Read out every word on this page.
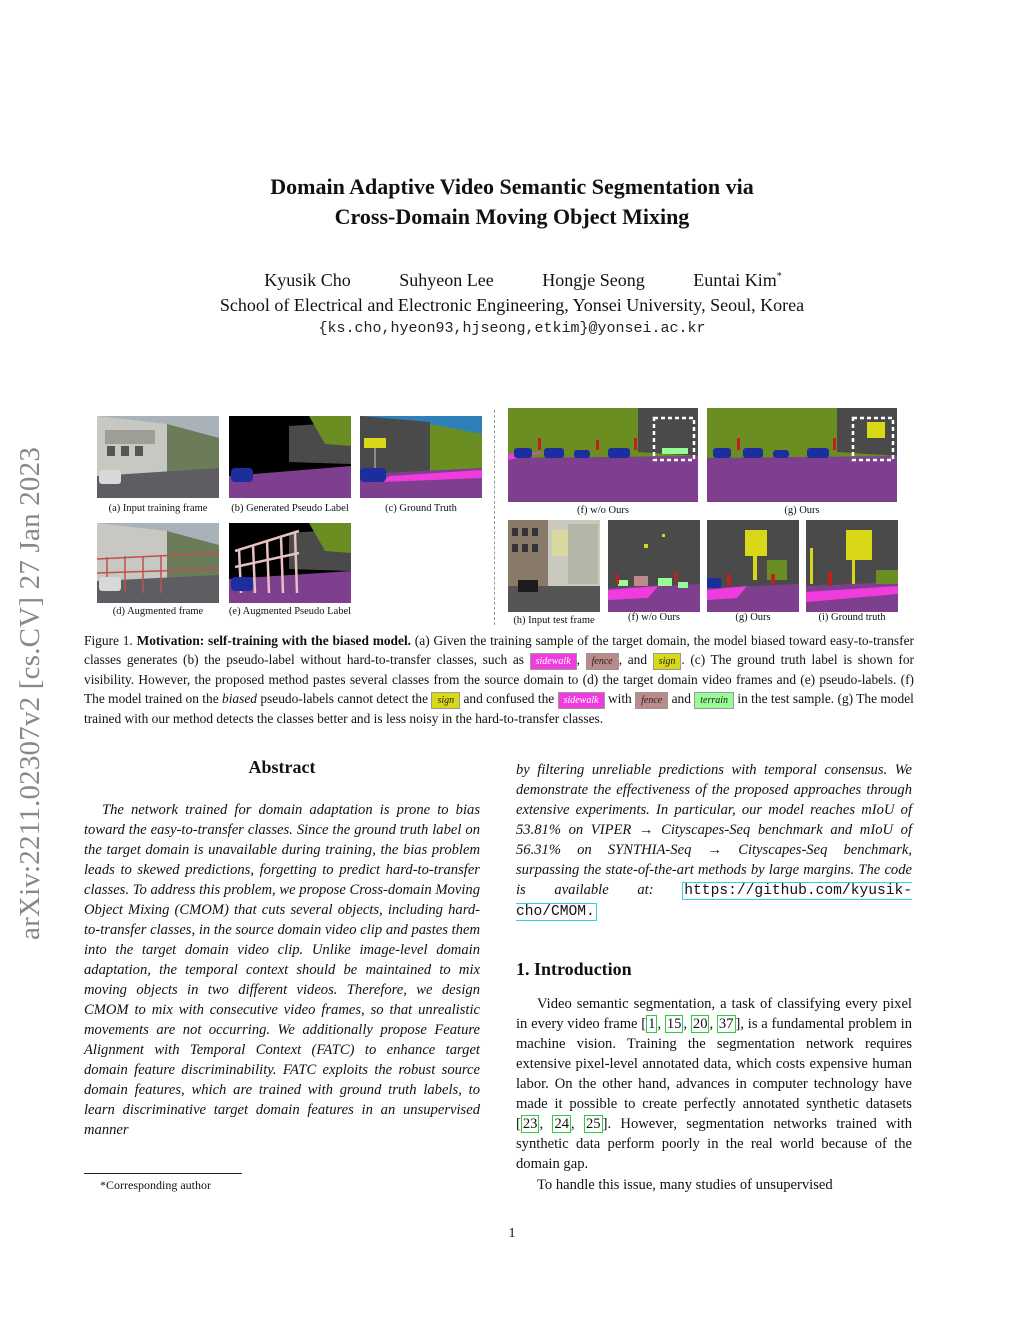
arXiv:2211.02307v2 [cs.CV] 27 Jan 2023
Domain Adaptive Video Semantic Segmentation via
Cross-Domain Moving Object Mixing
Kyusik Cho	Suhyeon Lee	Hongje Seong	Euntai Kim*
School of Electrical and Electronic Engineering, Yonsei University, Seoul, Korea
{ks.cho,hyeon93,hjseong,etkim}@yonsei.ac.kr
(a) Input training frame	(b) Generated Pseudo Label	(c) Ground Truth
(d) Augmented frame	(e) Augmented Pseudo Label
(f) w/o Ours	(g) Ours
(h) Input test frame	(f) w/o Ours	(g) Ours	(i) Ground truth
Figure 1. Motivation: self-training with the biased model. (a) Given the training sample of the target domain, the model biased toward easy-to-transfer classes generates (b) the pseudo-label without hard-to-transfer classes, such as sidewalk , fence , and sign . (c) The ground truth label is shown for visibility. However, the proposed method pastes several classes from the source domain to (d) the target domain video frames and (e) pseudo-labels. (f) The model trained on the biased pseudo-labels cannot detect the sign and confused the sidewalk with fence and terrain in the test sample. (g) The model trained with our method detects the classes better and is less noisy in the hard-to-transfer classes.
Abstract
The network trained for domain adaptation is prone to bias toward the easy-to-transfer classes. Since the ground truth label on the target domain is unavailable during training, the bias problem leads to skewed predictions, forgetting to predict hard-to-transfer classes. To address this problem, we propose Cross-domain Moving Object Mixing (CMOM) that cuts several objects, including hard-to-transfer classes, in the source domain video clip and pastes them into the target domain video clip. Unlike image-level domain adaptation, the temporal context should be maintained to mix moving objects in two different videos. Therefore, we design CMOM to mix with consecutive video frames, so that unrealistic movements are not occurring. We additionally propose Feature Alignment with Temporal Context (FATC) to enhance target domain feature discriminability. FATC exploits the robust source domain features, which are trained with ground truth labels, to learn discriminative target domain features in an unsupervised manner
by filtering unreliable predictions with temporal consensus. We demonstrate the effectiveness of the proposed approaches through extensive experiments. In particular, our model reaches mIoU of 53.81% on VIPER → Cityscapes-Seq benchmark and mIoU of 56.31% on SYNTHIA-Seq → Cityscapes-Seq benchmark, surpassing the state-of-the-art methods by large margins. The code is available at: https://github.com/kyusik-cho/CMOM.
1. Introduction
Video semantic segmentation, a task of classifying every pixel in every video frame [ 1 , 15 , 20 , 37 ], is a fundamental problem in machine vision. Training the segmentation network requires extensive pixel-level annotated data, which costs expensive human labor. On the other hand, advances in computer technology have made it possible to create perfectly annotated synthetic datasets [ 23 , 24 , 25 ]. However, segmentation networks trained with synthetic data perform poorly in the real world because of the domain gap.
To handle this issue, many studies of unsupervised
*Corresponding author
1
